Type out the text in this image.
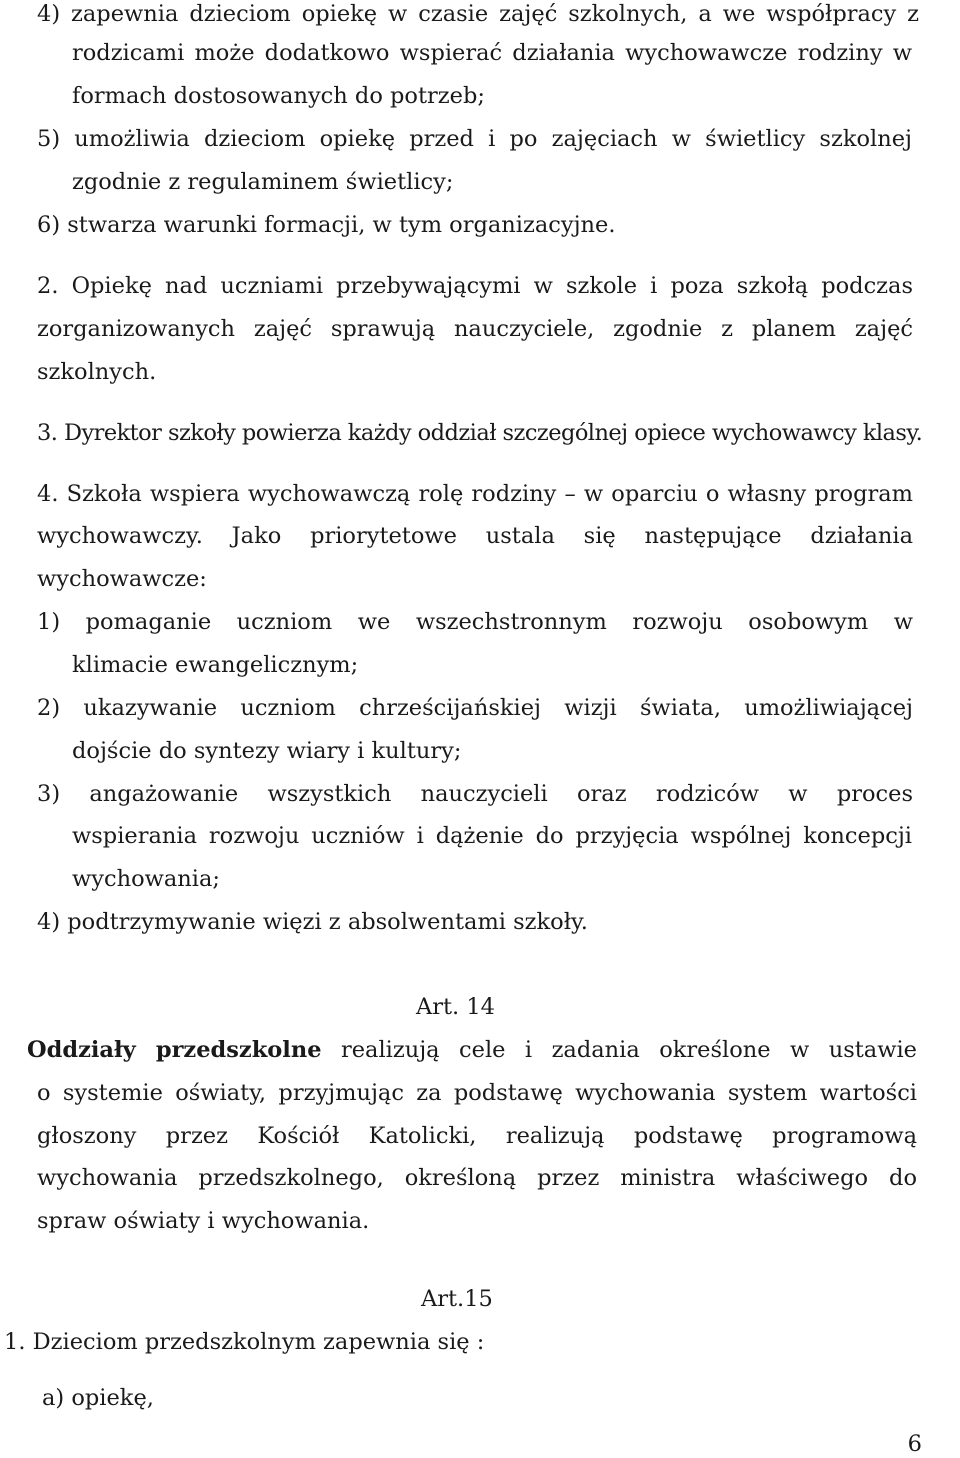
4) zapewnia dzieciom opiekę w czasie zajęć szkolnych, a we współpracy z
rodzicami może dodatkowo wspierać działania wychowawcze rodziny w
formach dostosowanych do potrzeb;
5) umożliwia dzieciom opiekę przed i po zajęciach w świetlicy szkolnej
zgodnie z regulaminem świetlicy;
6) stwarza warunki formacji, w tym organizacyjne.
2. Opiekę nad uczniami przebywającymi w szkole i poza szkołą podczas
zorganizowanych zajęć sprawują nauczyciele, zgodnie z planem zajęć
szkolnych.
3. Dyrektor szkoły powierza każdy oddział szczególnej opiece wychowawcy klasy.
4. Szkoła wspiera wychowawczą rolę rodziny – w oparciu o własny program
wychowawczy. Jako priorytetowe ustala się następujące działania
wychowawcze:
1) pomaganie uczniom we wszechstronnym rozwoju osobowym w
klimacie ewangelicznym;
2) ukazywanie uczniom chrześcijańskiej wizji świata, umożliwiającej
dojście do syntezy wiary i kultury;
3) angażowanie wszystkich nauczycieli oraz rodziców w proces
wspierania rozwoju uczniów i dążenie do przyjęcia wspólnej koncepcji
wychowania;
4) podtrzymywanie więzi z absolwentami szkoły.
Art. 14
Oddziały przedszkolne realizują cele i zadania określone w ustawie
o systemie oświaty, przyjmując za podstawę wychowania system wartości
głoszony przez Kościół Katolicki, realizują podstawę programową
wychowania przedszkolnego, określoną przez ministra właściwego do
spraw oświaty i wychowania.
Art.15
1. Dzieciom przedszkolnym zapewnia się :
a) opiekę,
6
